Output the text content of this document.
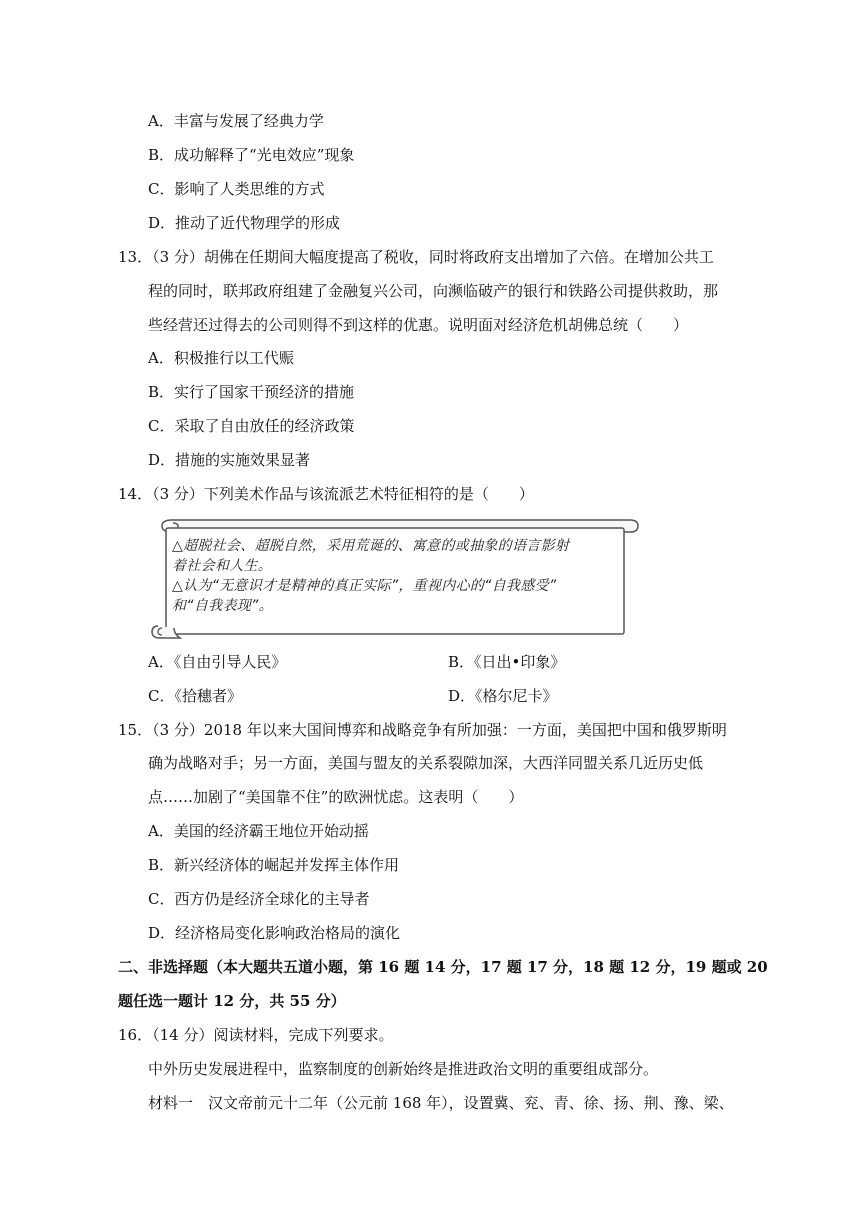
A．丰富与发展了经典力学
B．成功解释了“光电效应”现象
C．影响了人类思维的方式
D．推动了近代物理学的形成
13．（3 分）胡佛在任期间大幅度提高了税收，同时将政府支出增加了六倍。在增加公共工
程的同时，联邦政府组建了金融复兴公司，向濒临破产的银行和铁路公司提供救助，那
些经营还过得去的公司则得不到这样的优惠。说明面对经济危机胡佛总统（　　）
A．积极推行以工代赈
B．实行了国家干预经济的措施
C．采取了自由放任的经济政策
D．措施的实施效果显著
14．（3 分）下列美术作品与该流派艺术特征相符的是（　　）
△超脱社会、超脱自然，采用荒诞的、寓意的或抽象的语言影射
着社会和人生。
△认为“无意识才是精神的真正实际”，重视内心的“自我感受”
和“自我表现”。
A．《自由引导人民》	B．《日出•印象》
C．《拾穗者》	D．《格尔尼卡》
15．（3 分）2018 年以来大国间博弈和战略竞争有所加强：一方面，美国把中国和俄罗斯明
确为战略对手；另一方面，美国与盟友的关系裂隙加深，大西洋同盟关系几近历史低
点……加剧了“美国靠不住”的欧洲忧虑。这表明（　　）
A．美国的经济霸王地位开始动摇
B．新兴经济体的崛起并发挥主体作用
C．西方仍是经济全球化的主导者
D．经济格局变化影响政治格局的演化
二、非选择题（本大题共五道小题，第 16 题 14 分，17 题 17 分，18 题 12 分，19 题或 20
题任选一题计 12 分，共 55 分）
16．（14 分）阅读材料，完成下列要求。
中外历史发展进程中，监察制度的创新始终是推进政治文明的重要组成部分。
材料一　汉文帝前元十二年（公元前 168 年），设置冀、兖、青、徐、扬、荆、豫、梁、
